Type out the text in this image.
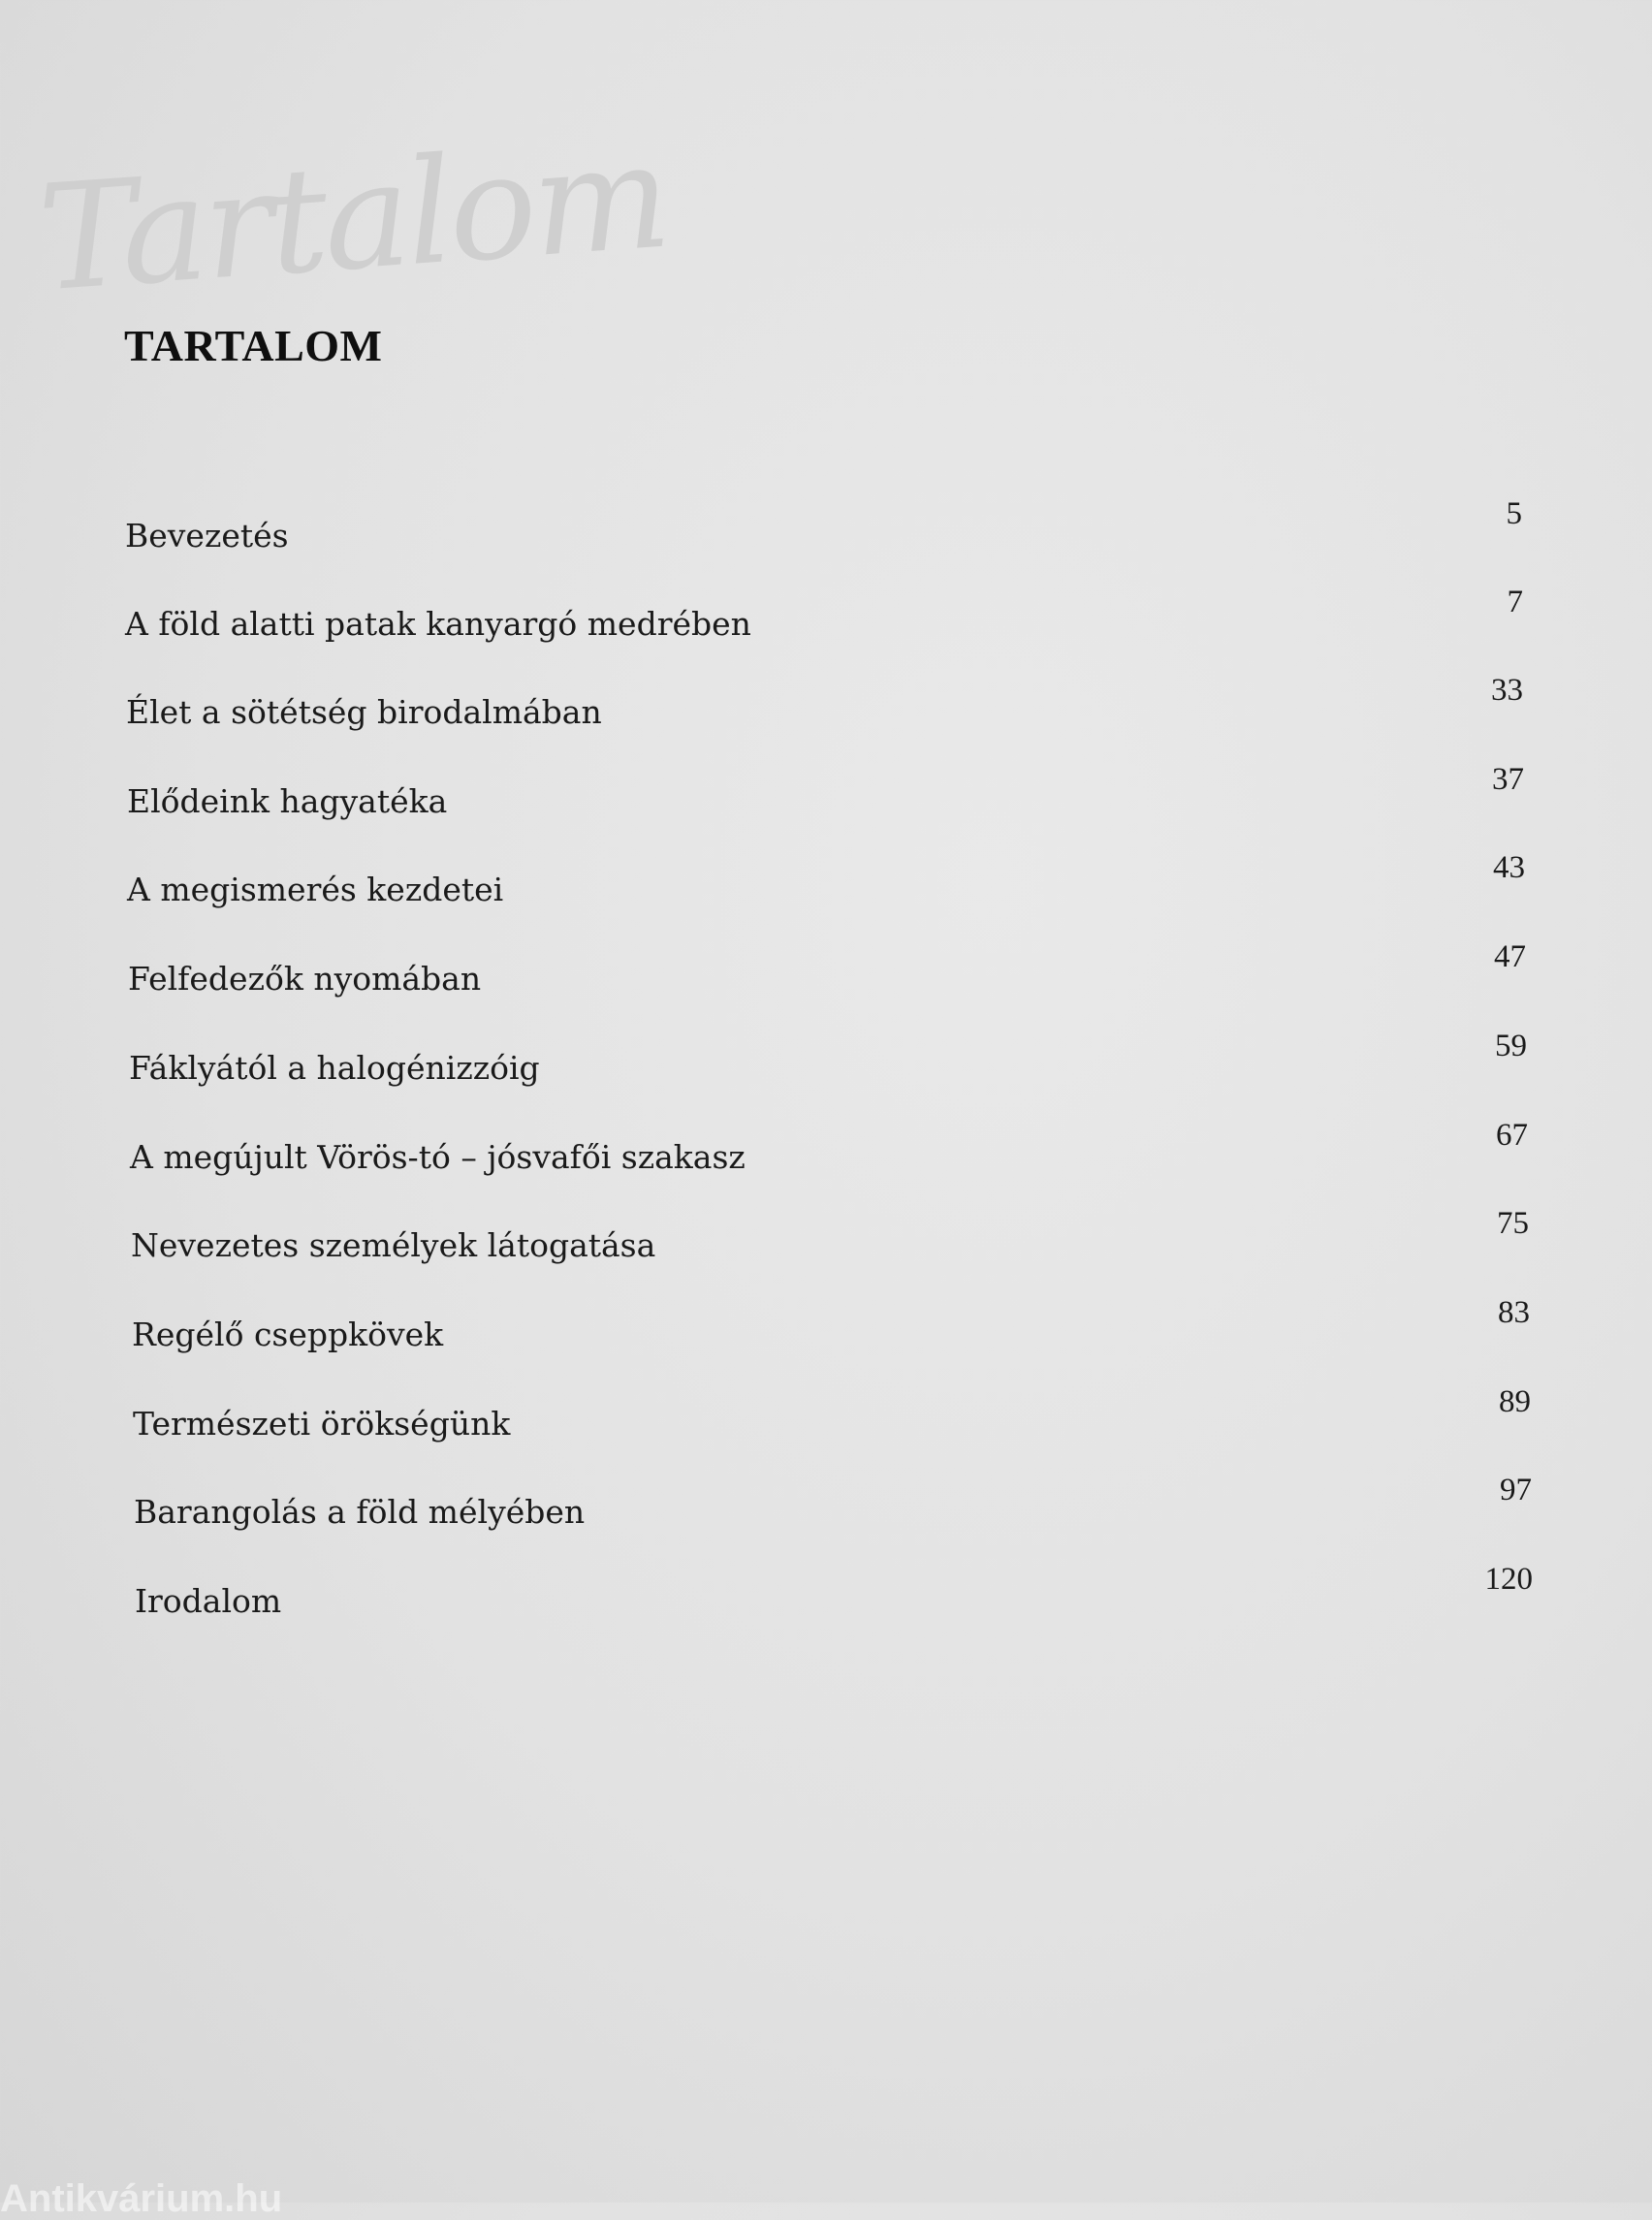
Tartalom
TARTALOM
Bevezetés
5
A föld alatti patak kanyargó medrében
7
Élet a sötétség birodalmában
33
Elődeink hagyatéka
37
A megismerés kezdetei
43
Felfedezők nyomában
47
Fáklyától a halogénizzóig
59
A megújult Vörös-tó – jósvafői szakasz
67
Nevezetes személyek látogatása
75
Regélő cseppkövek
83
Természeti örökségünk
89
Barangolás a föld mélyében
97
Irodalom
120
Antikvárium.hu
